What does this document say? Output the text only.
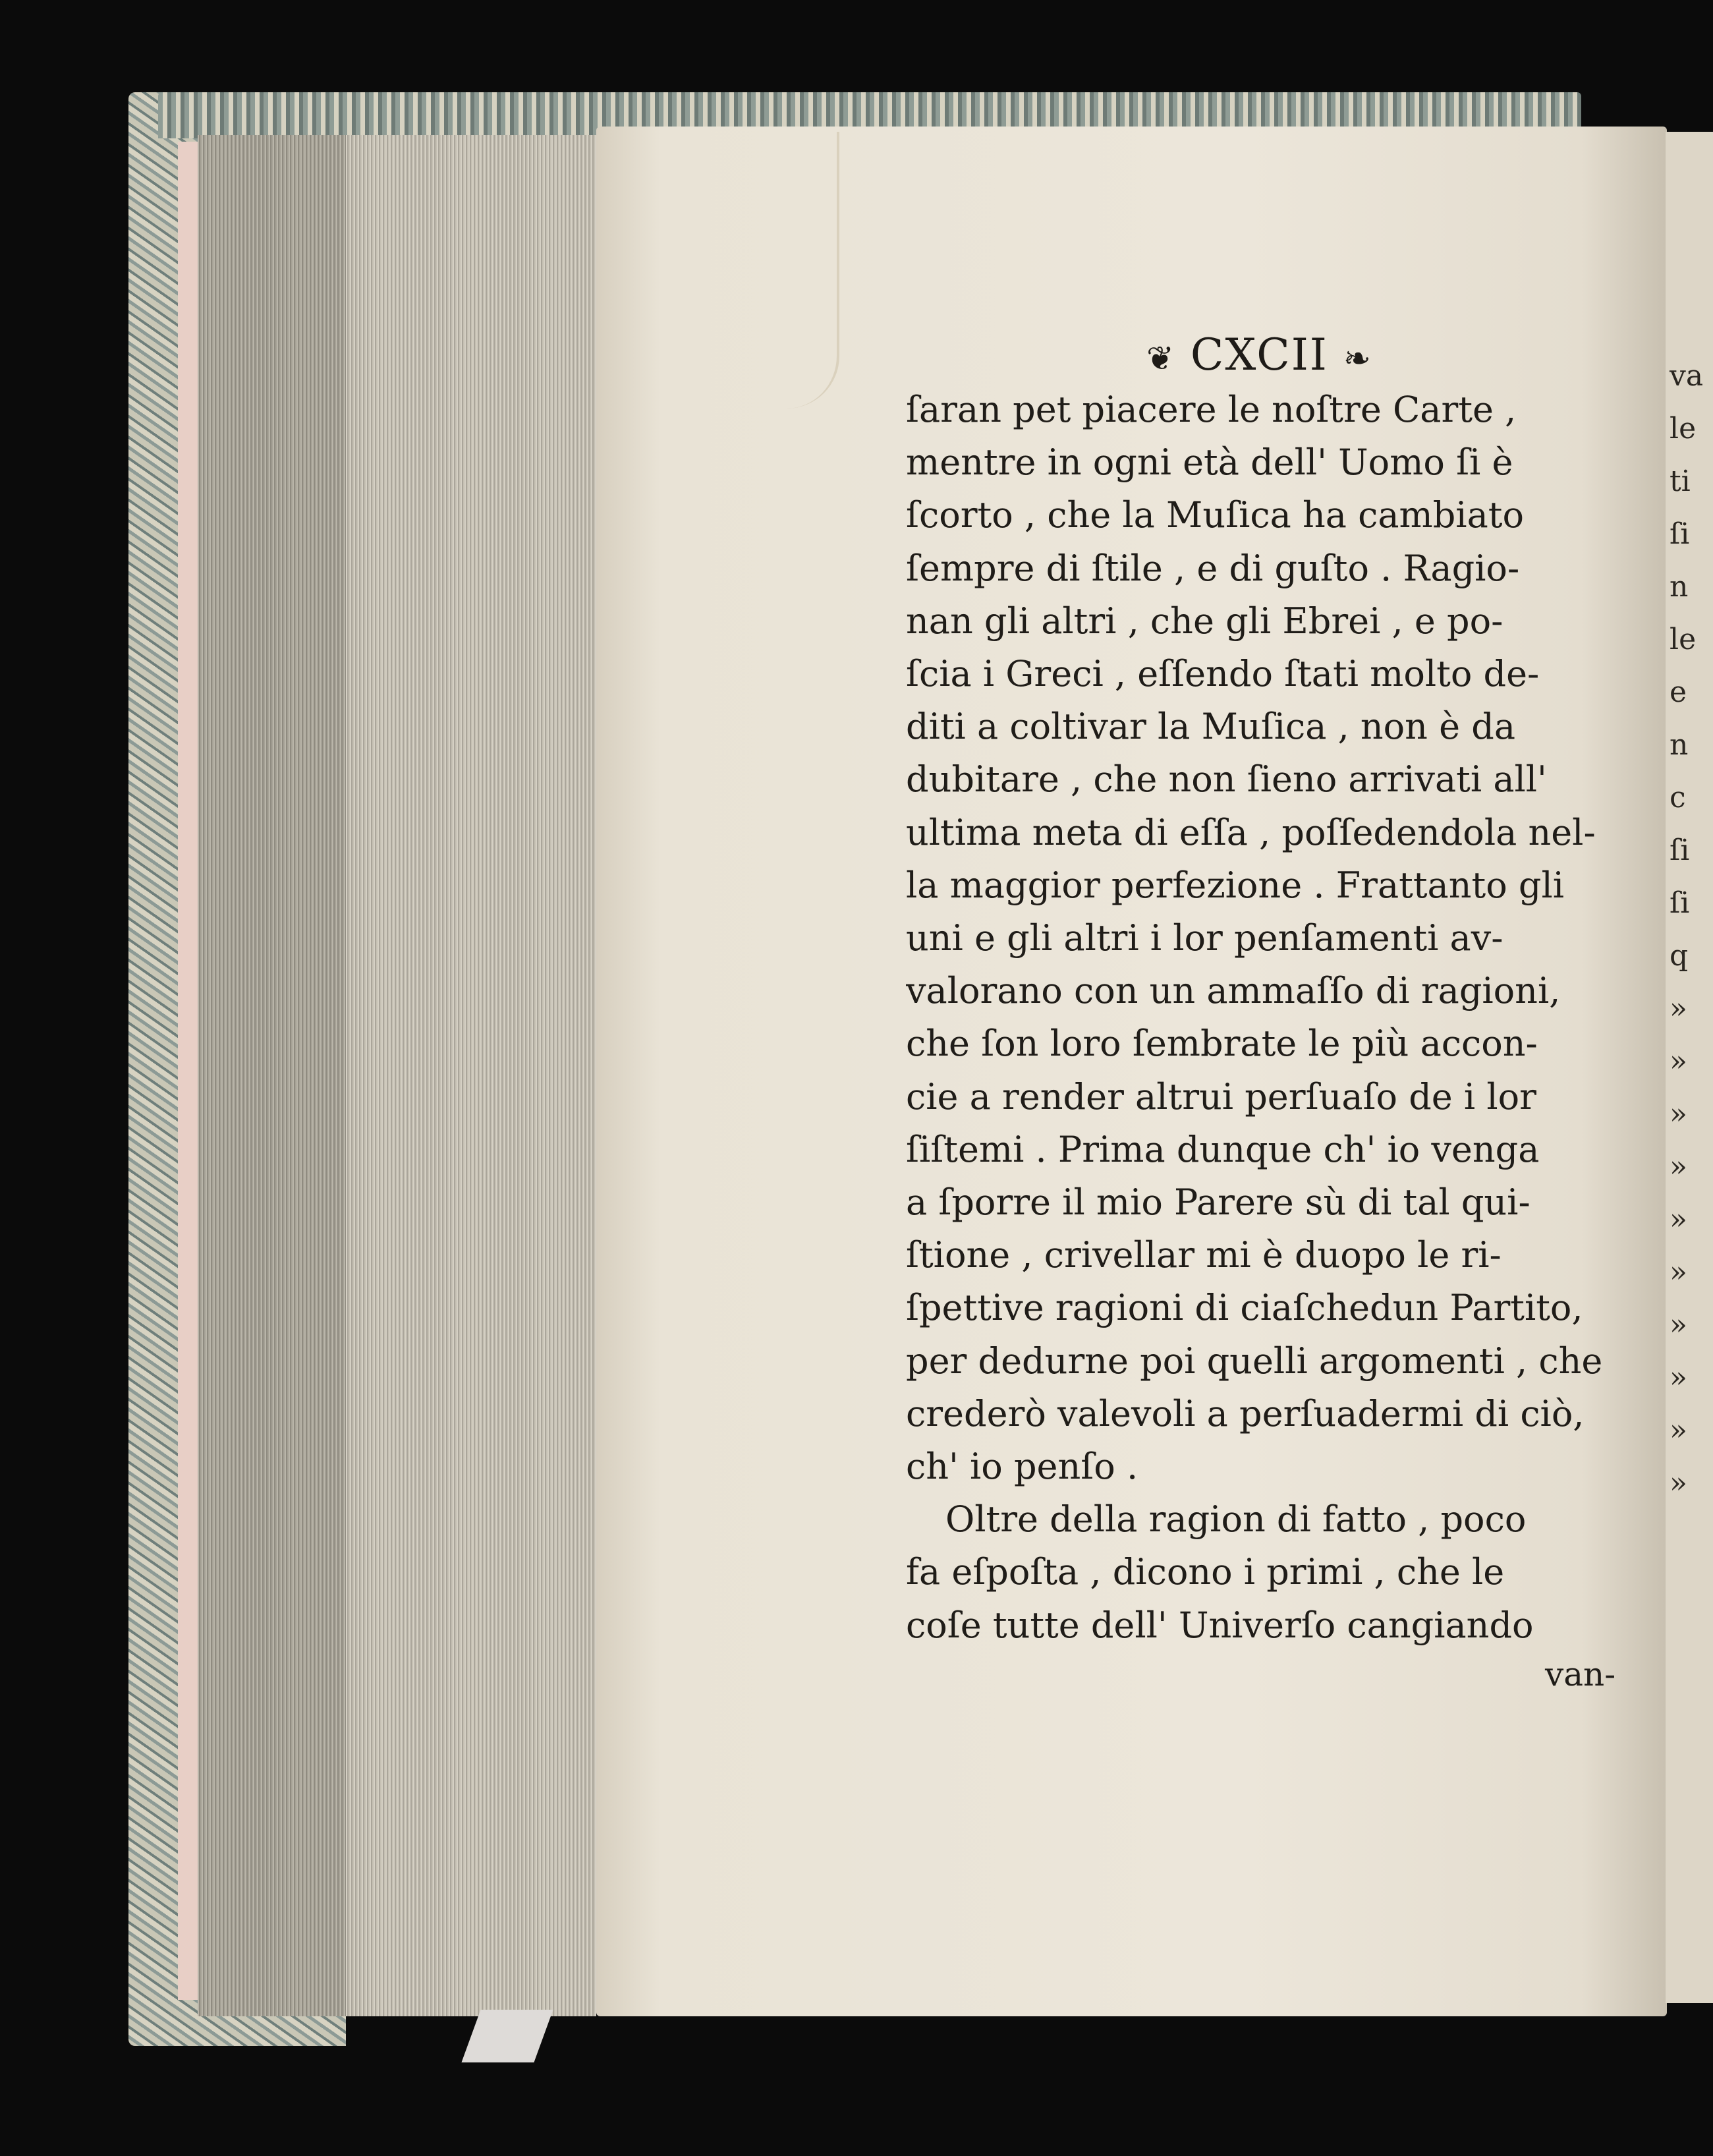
va
le
ti
ſi
n
le
e
n
c
ſi
ſi
q
»
»
»
»
»
»
»
»
»
»
❦ CXCII ❧
ſaran pet piacere le noſtre Carte ,
mentre in ogni età dell' Uomo ſi è
ſcorto , che la Muſica ha cambiato
ſempre di ſtile , e di guſto . Ragio-
nan gli altri , che gli Ebrei , e po-
ſcia i Greci , eſſendo ſtati molto de-
diti a coltivar la Muſica , non è da
dubitare , che non ſieno arrivati all'
ultima meta di eſſa , poſſedendola nel-
la maggior perfezione . Frattanto gli
uni e gli altri i lor penſamenti av-
valorano con un ammaſſo di ragioni,
che ſon loro ſembrate le più accon-
cie a render altrui perſuaſo de i lor
ſiſtemi . Prima dunque ch' io venga
a ſporre il mio Parere sù di tal qui-
ſtione , crivellar mi è duopo le ri-
ſpettive ragioni di ciaſchedun Partito,
per dedurne poi quelli argomenti , che
crederò valevoli a perſuadermi di ciò,
ch' io penſo .
Oltre della ragion di fatto , poco
fa eſpoſta , dicono i primi , che le
coſe tutte dell' Univerſo cangiando
van-
